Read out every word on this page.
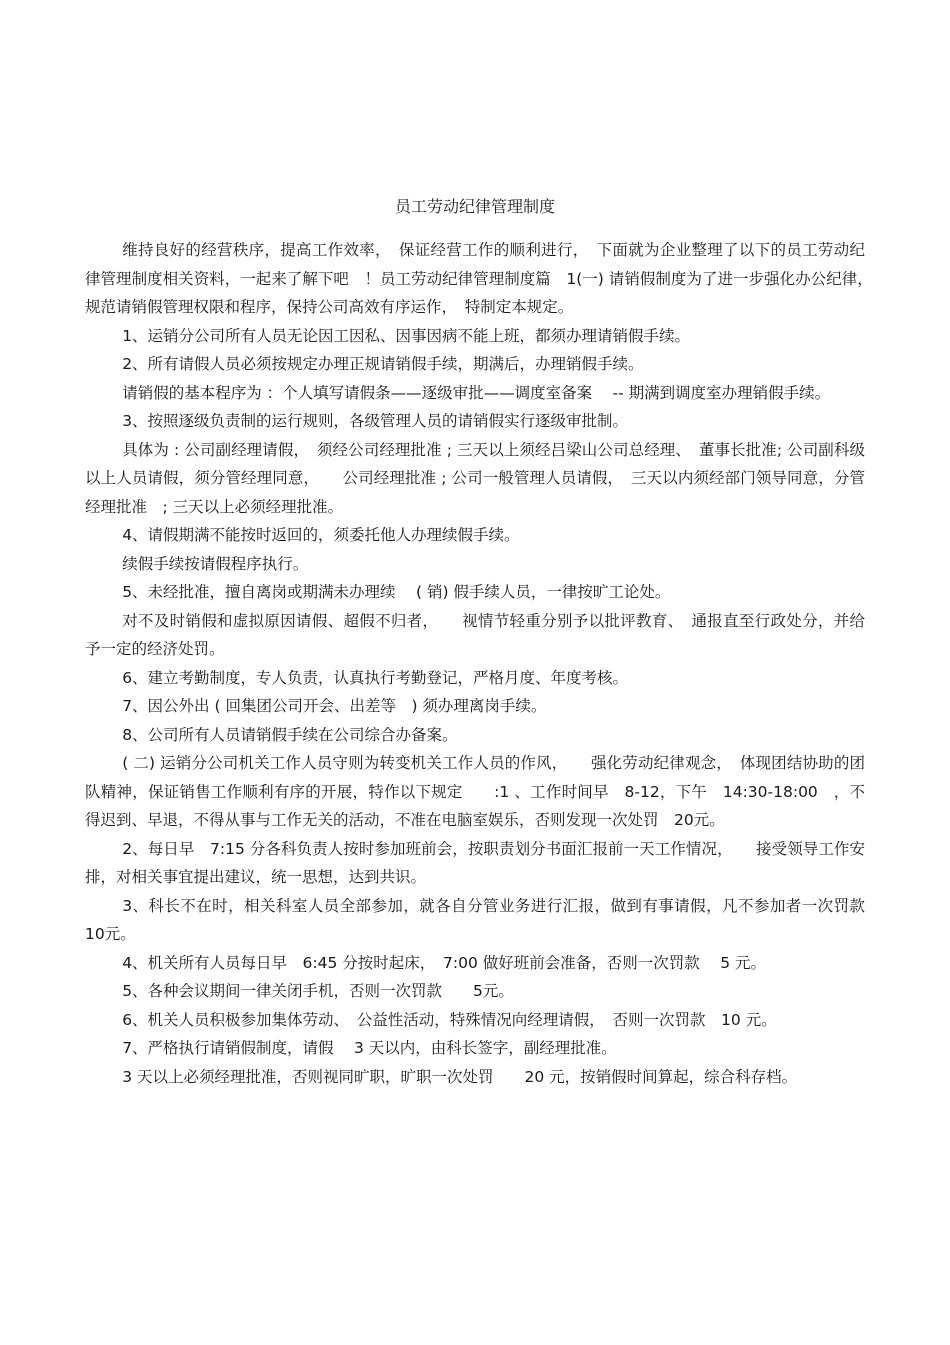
员工劳动纪律管理制度

维持良好的经营秩序，提高工作效率，　保证经营工作的顺利进行，　下面就为企业整理了以下的员工劳动纪律管理制度相关资料，一起来了解下吧　！员工劳动纪律管理制度篇　1(一) 请销假制度为了进一步强化办公纪律，　规范请销假管理权限和程序，保持公司高效有序运作，　特制定本规定。

1、运销分公司所有人员无论因工因私、因事因病不能上班，都须办理请销假手续。

2、所有请假人员必须按规定办理正规请销假手续，期满后，办理销假手续。

请销假的基本程序为 ：个人填写请假条——逐级审批——调度室备案　 -- 期满到调度室办理销假手续。

3、按照逐级负责制的运行规则，各级管理人员的请销假实行逐级审批制。

具体为 : 公司副经理请假，　须经公司经理批准 ; 三天以上须经吕梁山公司总经理、　董事长批准; 公司副科级以上人员请假，须分管经理同意，　　公司经理批准 ; 公司一般管理人员请假，　三天以内须经部门领导同意，分管经理批准　; 三天以上必须经理批准。

4、请假期满不能按时返回的，须委托他人办理续假手续。

续假手续按请假程序执行。

5、未经批准，擅自离岗或期满未办理续　 ( 销) 假手续人员，一律按旷工论处。

对不及时销假和虚拟原因请假、超假不归者，　　视情节轻重分别予以批评教育、　通报直至行政处分，并给予一定的经济处罚。

6、建立考勤制度，专人负责，认真执行考勤登记，严格月度、年度考核。

7、因公外出 ( 回集团公司开会、出差等　) 须办理离岗手续。

8、公司所有人员请销假手续在公司综合办备案。

( 二) 运销分公司机关工作人员守则为转变机关工作人员的作风，　　强化劳动纪律观念，　体现团结协助的团队精神，保证销售工作顺利有序的开展，特作以下规定　　:1 、工作时间早　8-12，下午　14:30-18:00　，不得迟到、早退，不得从事与工作无关的活动，不准在电脑室娱乐，否则发现一次处罚　20元。

2、每日早　7:15 分各科负责人按时参加班前会，按职责划分书面汇报前一天工作情况，　　接受领导工作安排，对相关事宜提出建议，统一思想，达到共识。

3、科长不在时，相关科室人员全部参加，就各自分管业务进行汇报，做到有事请假，凡不参加者一次罚款　10元。

4、机关所有人员每日早　6:45 分按时起床，　7:00 做好班前会准备，否则一次罚款　 5 元。

5、各种会议期间一律关闭手机，否则一次罚款　　5元。

6、机关人员积极参加集体劳动、　公益性活动，特殊情况向经理请假，　否则一次罚款　10 元。

7、严格执行请销假制度，请假　 3 天以内，由科长签字，副经理批准。

3 天以上必须经理批准，否则视同旷职，旷职一次处罚　　20 元，按销假时间算起，综合科存档。
